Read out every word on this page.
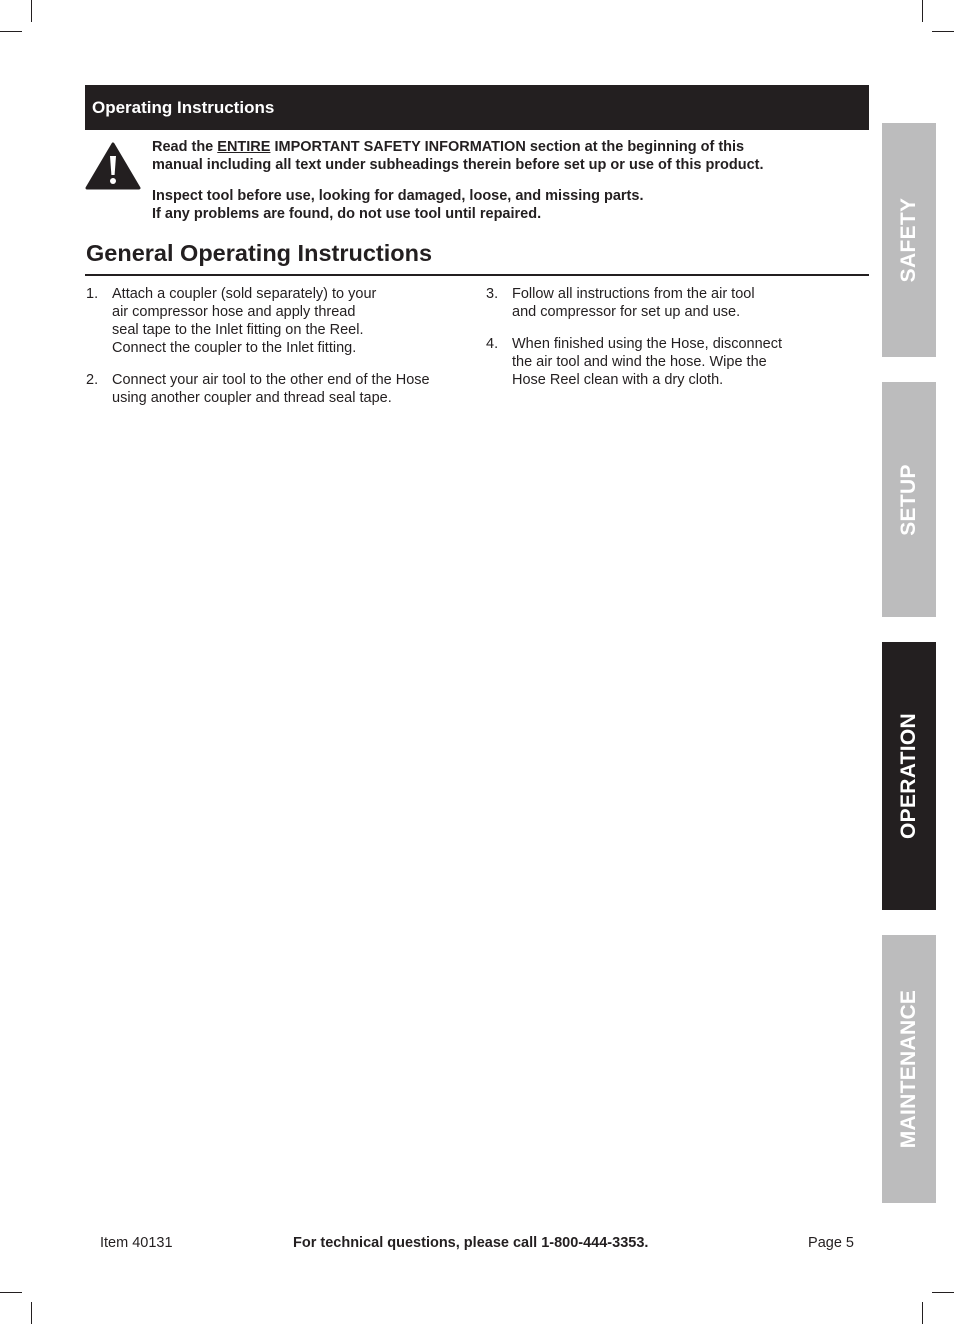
Operating Instructions

Read the ENTIRE IMPORTANT SAFETY INFORMATION section at the beginning of this
manual including all text under subheadings therein before set up or use of this product.

Inspect tool before use, looking for damaged, loose, and missing parts.
If any problems are found, do not use tool until repaired.

General Operating Instructions
1. Attach a coupler (sold separately) to your
air compressor hose and apply thread
seal tape to the Inlet fitting on the Reel.
Connect the coupler to the Inlet fitting.
2. Connect your air tool to the other end of the Hose
using another coupler and thread seal tape.
3. Follow all instructions from the air tool
and compressor for set up and use.
4. When finished using the Hose, disconnect
the air tool and wind the hose. Wipe the
Hose Reel clean with a dry cloth.
SAFETY
SETUP
OPERATION
MAINTENANCE
Item 40131	For technical questions, please call 1-800-444-3353.	Page 5
